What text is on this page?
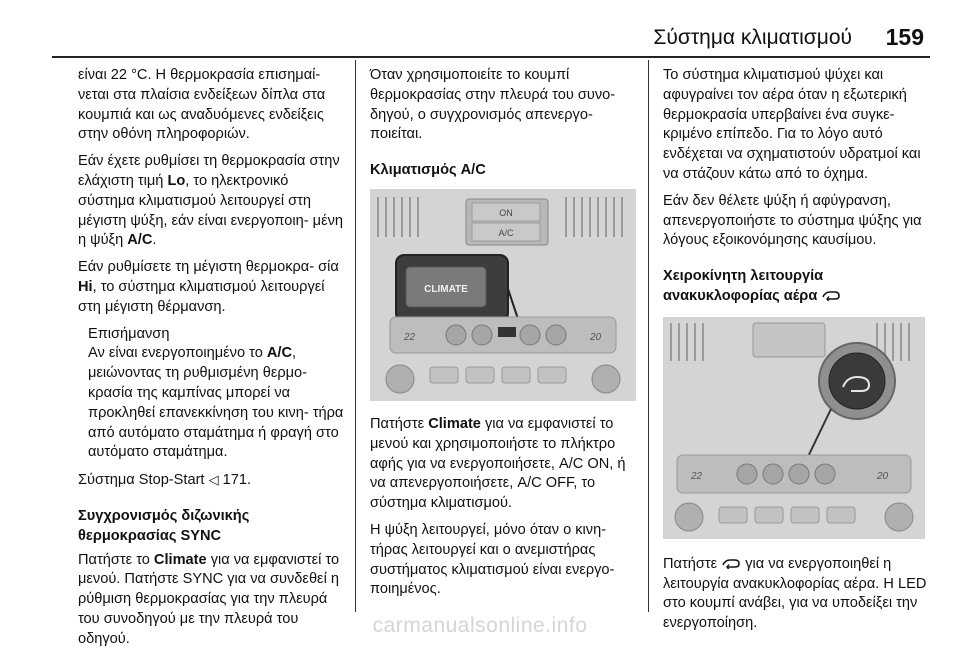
Σύστημα κλιματισμού 159

είναι 22 °C. Η θερμοκρασία επισημαί- νεται στα πλαίσια ενδείξεων δίπλα στα κουμπιά και ως αναδυόμενες ενδείξεις στην οθόνη πληροφοριών.

Εάν έχετε ρυθμίσει τη θερμοκρασία στην ελάχιστη τιμή Lo, το ηλεκτρονικό σύστημα κλιματισμού λειτουργεί στη μέγιστη ψύξη, εάν είναι ενεργοποιη- μένη η ψύξη A/C.

Εάν ρυθμίσετε τη μέγιστη θερμοκρα- σία Hi, το σύστημα κλιματισμού λειτουργεί στη μέγιστη θέρμανση.

Επισήμανση

Αν είναι ενεργοποιημένο το A/C, μειώνοντας τη ρυθμισμένη θερμο- κρασία της καμπίνας μπορεί να προκληθεί επανεκκίνηση του κινη- τήρα από αυτόματο σταμάτημα ή φραγή στο αυτόματο σταμάτημα.

Σύστημα Stop-Start ◁ 171.

Συγχρονισμός διζωνικής θερμοκρασίας SYNC

Πατήστε το Climate για να εμφανιστεί το μενού. Πατήστε SYNC για να συνδεθεί η ρύθμιση θερμοκρασίας για την πλευρά του συνοδηγού με την πλευρά του οδηγού.

Όταν χρησιμοποιείτε το κουμπί θερμοκρασίας στην πλευρά του συνο- δηγού, ο συγχρονισμός απενεργο- ποιείται.

Κλιματισμός A/C
ON
A/C
CLIMATE
22	20

Πατήστε Climate για να εμφανιστεί το μενού και χρησιμοποιήστε το πλήκτρο αφής για να ενεργοποιήσετε, A/C ON, ή να απενεργοποιήσετε, A/C OFF, το σύστημα κλιματισμού.

Η ψύξη λειτουργεί, μόνο όταν ο κινη- τήρας λειτουργεί και ο ανεμιστήρας συστήματος κλιματισμού είναι ενεργο- ποιημένος.

Το σύστημα κλιματισμού ψύχει και αφυγραίνει τον αέρα όταν η εξωτερική θερμοκρασία υπερβαίνει ένα συγκε- κριμένο επίπεδο. Για το λόγο αυτό ενδέχεται να σχηματιστούν υδρατμοί και να στάζουν κάτω από το όχημα.

Εάν δεν θέλετε ψύξη ή αφύγρανση, απενεργοποιήστε το σύστημα ψύξης για λόγους εξοικονόμησης καυσίμου.

Χειροκίνητη λειτουργία ανακυκλοφορίας αέρα
22	20

Πατήστε  για να ενεργοποιηθεί η λειτουργία ανακυκλοφορίας αέρα. Η LED στο κουμπί ανάβει, για να υποδείξει την ενεργοποίηση.

carmanualsonline.info
